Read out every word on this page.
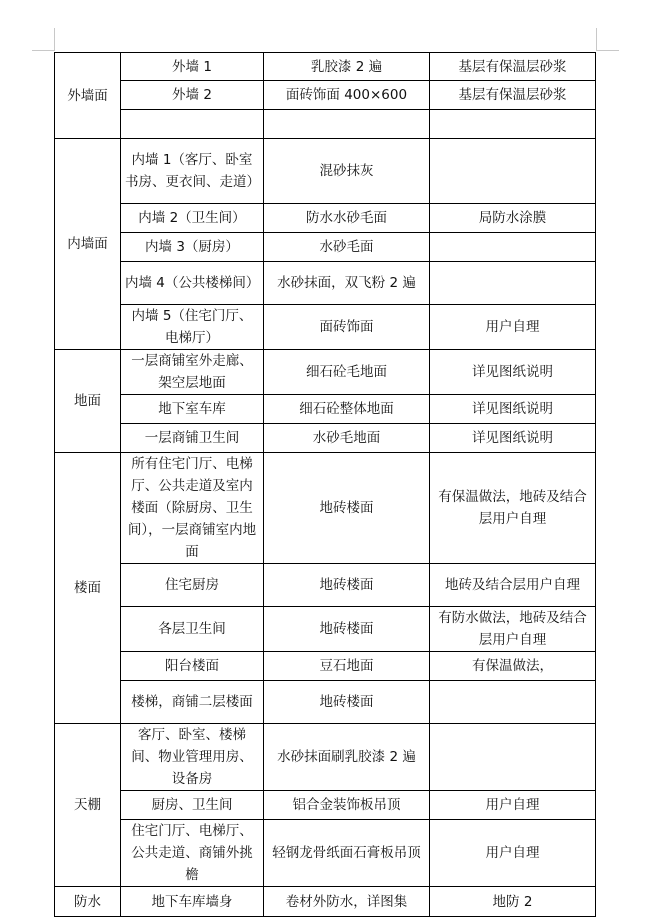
外墙面	外墙 1	乳胶漆 2 遍	基层有保温层砂浆
	外墙 2	面砖饰面 400×600	基层有保温层砂浆

内墙面	内墙 1（客厅、卧室书房、更衣间、走道）	混砂抹灰	
	内墙 2（卫生间）	防水水砂毛面	局防水涂膜
	内墙 3（厨房）	水砂毛面	
	内墙 4（公共楼梯间）	水砂抹面，双飞粉 2 遍	
	内墙 5（住宅门厅、电梯厅）	面砖饰面	用户自理
地面	一层商铺室外走廊、架空层地面	细石砼毛地面	详见图纸说明
	地下室车库	细石砼整体地面	详见图纸说明
	一层商铺卫生间	水砂毛地面	详见图纸说明
楼面	所有住宅门厅、电梯厅、公共走道及室内楼面（除厨房、卫生间），一层商铺室内地面	地砖楼面	有保温做法，地砖及结合层用户自理
	住宅厨房	地砖楼面	地砖及结合层用户自理
	各层卫生间	地砖楼面	有防水做法，地砖及结合层用户自理
	阳台楼面	豆石地面	有保温做法，
	楼梯，商铺二层楼面	地砖楼面	
天棚	客厅、卧室、楼梯间、物业管理用房、设备房	水砂抹面刷乳胶漆 2 遍	
	厨房、卫生间	铝合金装饰板吊顶	用户自理
	住宅门厅、电梯厅、公共走道、商铺外挑檐	轻钢龙骨纸面石膏板吊顶	用户自理
防水	地下车库墙身	卷材外防水，详图集	地防 2
